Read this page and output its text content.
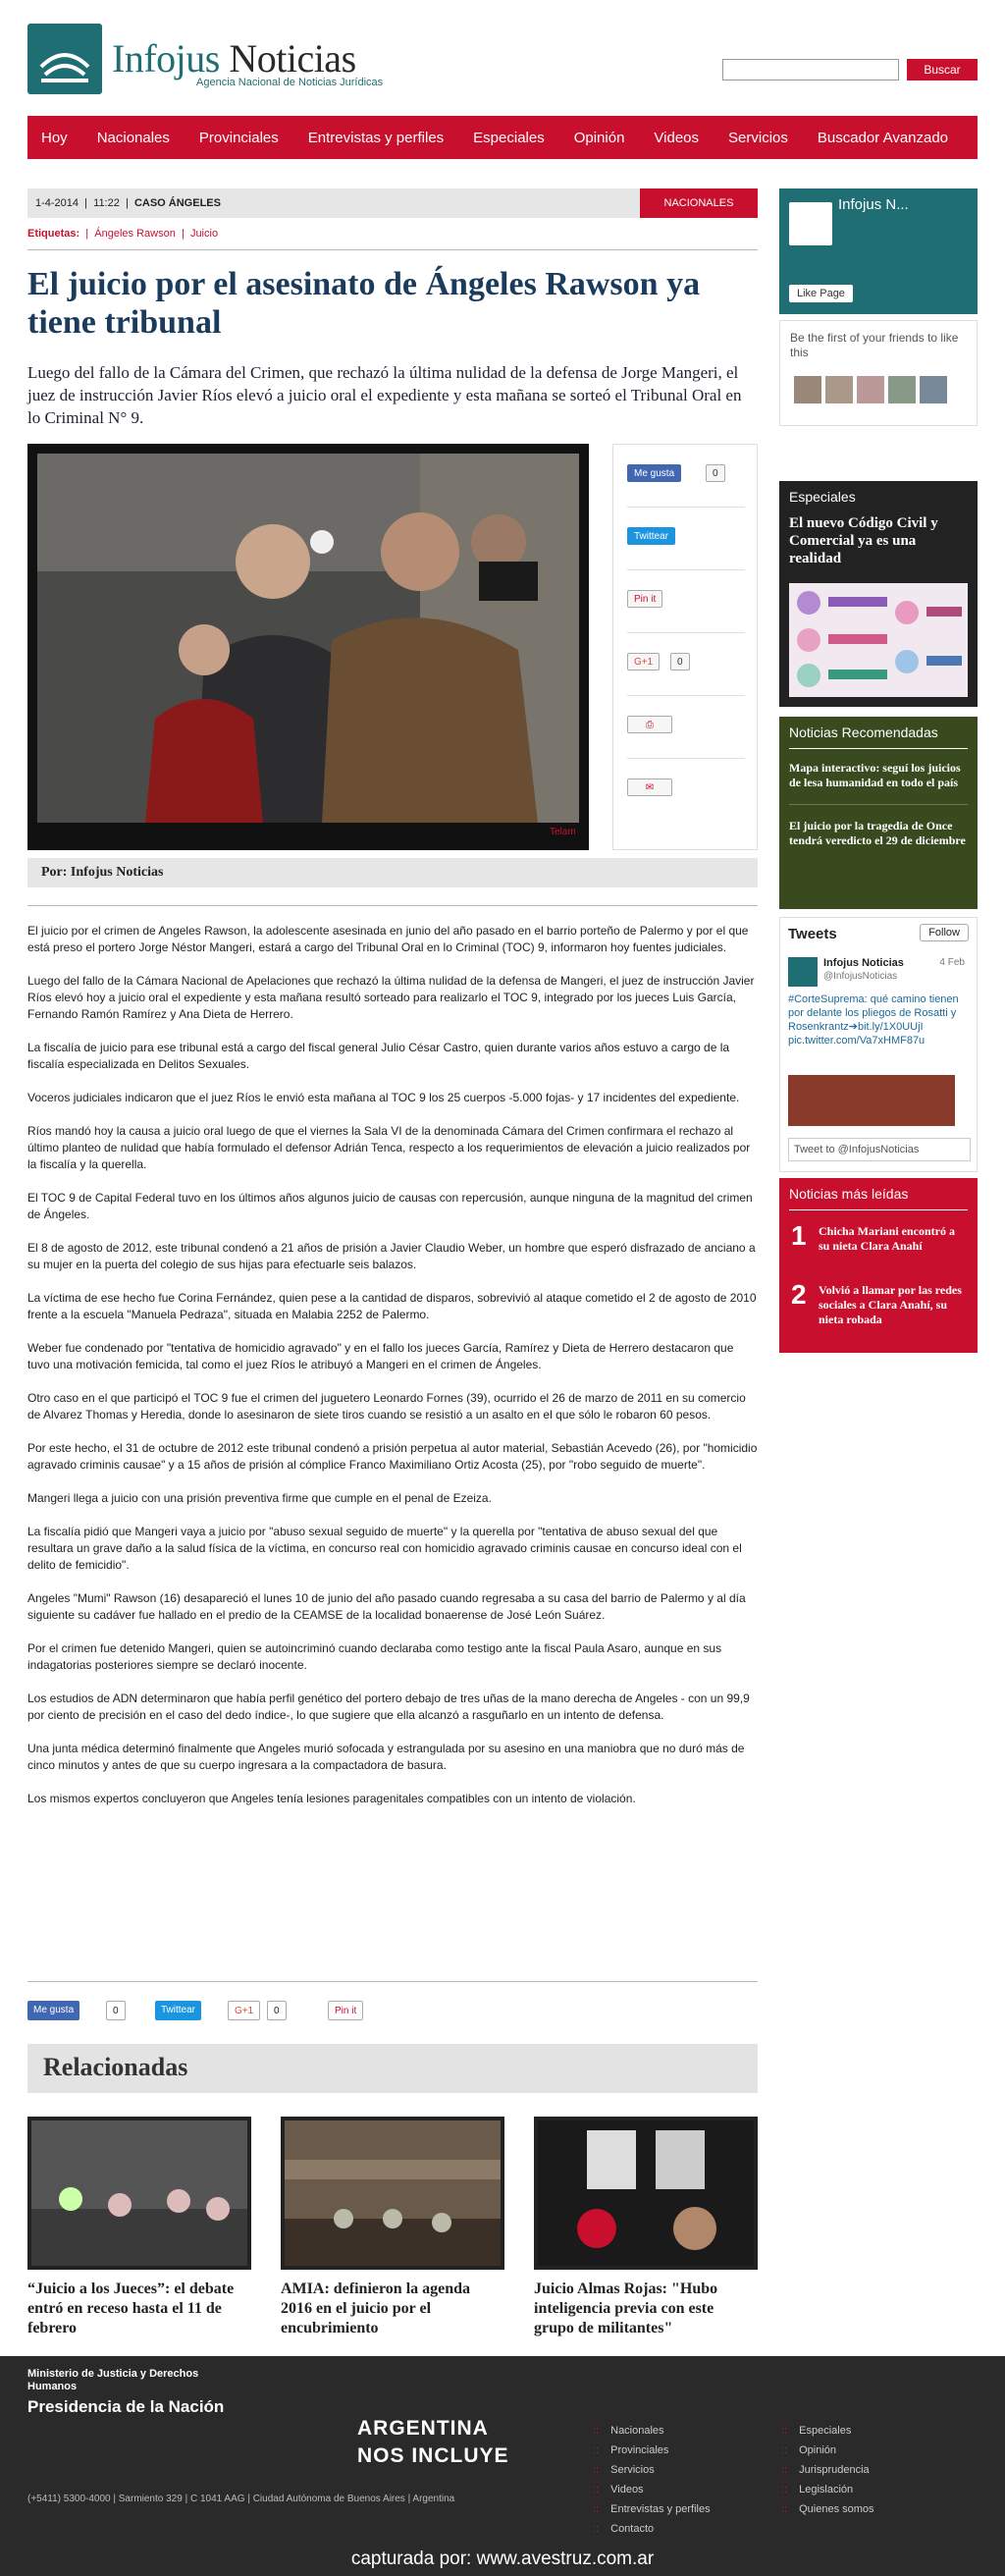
Infojus Noticias
Agencia Nacional de Noticias Jurídicas
Buscar
Hoy Nacionales Provinciales Entrevistas y perfiles Especiales Opinión Videos Servicios Buscador Avanzado
1-4-2014  |  11:22  |  CASO ÁNGELES	NACIONALES
Etiquetas:  |  Ángeles Rawson  |  Juicio
El juicio por el asesinato de Ángeles Rawson ya tiene tribunal

Luego del fallo de la Cámara del Crimen, que rechazó la última nulidad de la defensa de Jorge Mangeri, el juez de instrucción Javier Ríos elevó a juicio oral el expediente y esta mañana se sorteó el Tribunal Oral en lo Criminal N° 9.

Telam
Me gusta	0
Twittear
Pin it
G+1	0
⎙
✉
Por: Infojus Noticias

El juicio por el crimen de Angeles Rawson, la adolescente asesinada en junio del año pasado en el barrio porteño de Palermo y por el que está preso el portero Jorge Néstor Mangeri, estará a cargo del Tribunal Oral en lo Criminal (TOC) 9, informaron hoy fuentes judiciales.

Luego del fallo de la Cámara Nacional de Apelaciones que rechazó la última nulidad de la defensa de Mangeri, el juez de instrucción Javier Ríos elevó hoy a juicio oral el expediente y esta mañana resultó sorteado para realizarlo el TOC 9, integrado por los jueces Luis García, Fernando Ramón Ramírez y Ana Dieta de Herrero.

La fiscalía de juicio para ese tribunal está a cargo del fiscal general Julio César Castro, quien durante varios años estuvo a cargo de la fiscalía especializada en Delitos Sexuales.

Voceros judiciales indicaron que el juez Ríos le envió esta mañana al TOC 9 los 25 cuerpos -5.000 fojas- y 17 incidentes del expediente.

Ríos mandó hoy la causa a juicio oral luego de que el viernes la Sala VI de la denominada Cámara del Crimen confirmara el rechazo al último planteo de nulidad que había formulado el defensor Adrián Tenca, respecto a los requerimientos de elevación a juicio realizados por la fiscalía y la querella.

El TOC 9 de Capital Federal tuvo en los últimos años algunos juicio de causas con repercusión, aunque ninguna de la magnitud del crimen de Ángeles.

El 8 de agosto de 2012, este tribunal condenó a 21 años de prisión a Javier Claudio Weber, un hombre que esperó disfrazado de anciano a su mujer en la puerta del colegio de sus hijas para efectuarle seis balazos.

La víctima de ese hecho fue Corina Fernández, quien pese a la cantidad de disparos, sobrevivió al ataque cometido el 2 de agosto de 2010 frente a la escuela "Manuela Pedraza", situada en Malabia 2252 de Palermo.

Weber fue condenado por "tentativa de homicidio agravado" y en el fallo los jueces García, Ramírez y Dieta de Herrero destacaron que tuvo una motivación femicida, tal como el juez Ríos le atribuyó a Mangeri en el crimen de Ángeles.

Otro caso en el que participó el TOC 9 fue el crimen del juguetero Leonardo Fornes (39), ocurrido el 26 de marzo de 2011 en su comercio de Alvarez Thomas y Heredia, donde lo asesinaron de siete tiros cuando se resistió a un asalto en el que sólo le robaron 60 pesos.

Por este hecho, el 31 de octubre de 2012 este tribunal condenó a prisión perpetua al autor material, Sebastián Acevedo (26), por "homicidio agravado criminis causae" y a 15 años de prisión al cómplice Franco Maximiliano Ortiz Acosta (25), por "robo seguido de muerte".

Mangeri llega a juicio con una prisión preventiva firme que cumple en el penal de Ezeiza.

La fiscalía pidió que Mangeri vaya a juicio por "abuso sexual seguido de muerte" y la querella por "tentativa de abuso sexual del que resultara un grave daño a la salud física de la víctima, en concurso real con homicidio agravado criminis causae en concurso ideal con el delito de femicidio".

Angeles "Mumi" Rawson (16) desapareció el lunes 10 de junio del año pasado cuando regresaba a su casa del barrio de Palermo y al día siguiente su cadáver fue hallado en el predio de la CEAMSE de la localidad bonaerense de José León Suárez.

Por el crimen fue detenido Mangeri, quien se autoincriminó cuando declaraba como testigo ante la fiscal Paula Asaro, aunque en sus indagatorias posteriores siempre se declaró inocente.

Los estudios de ADN determinaron que había perfil genético del portero debajo de tres uñas de la mano derecha de Angeles - con un 99,9 por ciento de precisión en el caso del dedo índice-, lo que sugiere que ella alcanzó a rasguñarlo en un intento de defensa.

Una junta médica determinó finalmente que Angeles murió sofocada y estrangulada por su asesino en una maniobra que no duró más de cinco minutos y antes de que su cuerpo ingresara a la compactadora de basura.

Los mismos expertos concluyeron que Angeles tenía lesiones paragenitales compatibles con un intento de violación.

Me gusta	0	Twittear	G+1	0	Pin it
Relacionadas
“Juicio a los Jueces”: el debate entró en receso hasta el 11 de febrero
AMIA: definieron la agenda 2016 en el juicio por el encubrimiento
Juicio Almas Rojas: "Hubo inteligencia previa con este grupo de militantes"
Infojus N...
Like Page
Be the first of your friends to like this
Especiales
El nuevo Código Civil y Comercial ya es una realidad
Noticias Recomendadas
Mapa interactivo: seguí los juicios de lesa humanidad en todo el país
El juicio por la tragedia de Once tendrá veredicto el 29 de diciembre
Tweets	Follow
Infojus Noticias	4 Feb
@InfojusNoticias
#CorteSuprema: qué camino tienen por delante los pliegos de Rosatti y Rosenkrantz➔bit.ly/1X0UUjI pic.twitter.com/Va7xHMF87u
Tweet to @InfojusNoticias
Noticias más leídas
1 Chicha Mariani encontró a su nieta Clara Anahí
2 Volvió a llamar por las redes sociales a Clara Anahí, su nieta robada
Ministerio de Justicia y Derechos Humanos
Presidencia de la Nación
(+5411) 5300-4000 | Sarmiento 329 | C 1041 AAG | Ciudad Autónoma de Buenos Aires | Argentina
ARGENTINA
NOS INCLUYE
:: Nacionales
:: Provinciales
:: Servicios
:: Videos
:: Entrevistas y perfiles
:: Contacto
:: Especiales
:: Opinión
:: Jurisprudencia
:: Legislación
:: Quienes somos
capturada por: www.avestruz.com.ar
